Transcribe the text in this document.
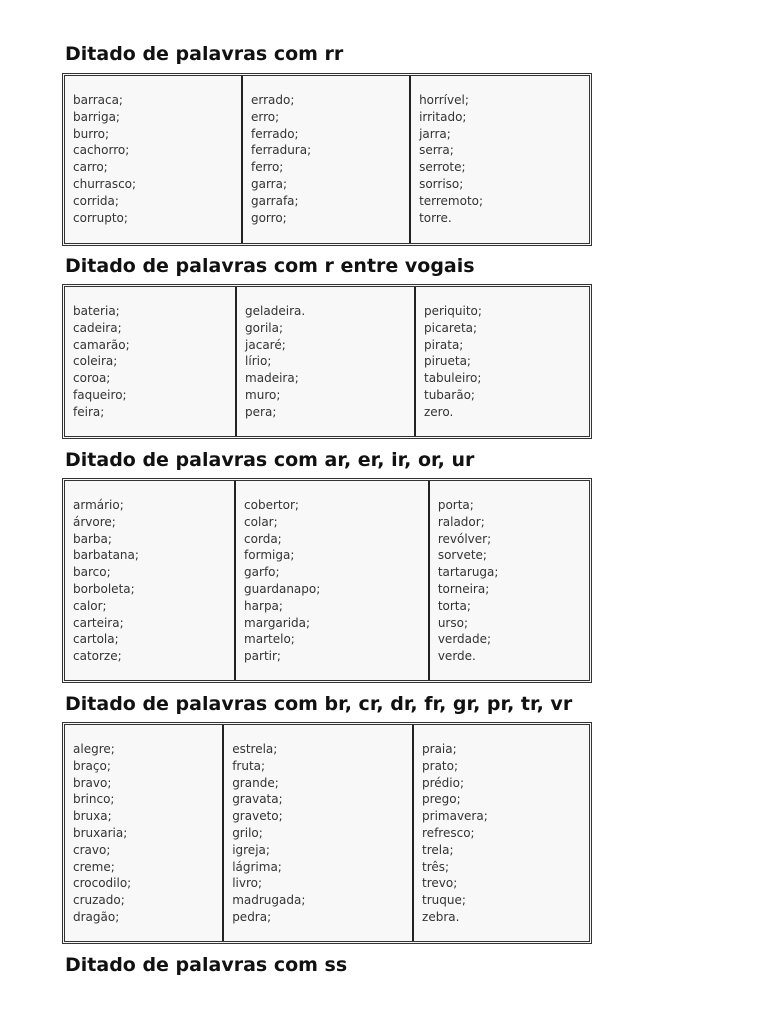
Ditado de palavras com rr
barraca;
barriga;
burro;
cachorro;
carro;
churrasco;
corrida;
corrupto;
errado;
erro;
ferrado;
ferradura;
ferro;
garra;
garrafa;
gorro;
horrível;
irritado;
jarra;
serra;
serrote;
sorriso;
terremoto;
torre.
Ditado de palavras com r entre vogais
bateria;
cadeira;
camarão;
coleira;
coroa;
faqueiro;
feira;
geladeira.
gorila;
jacaré;
lírio;
madeira;
muro;
pera;
periquito;
picareta;
pirata;
pirueta;
tabuleiro;
tubarão;
zero.
Ditado de palavras com ar, er, ir, or, ur
armário;
árvore;
barba;
barbatana;
barco;
borboleta;
calor;
carteira;
cartola;
catorze;
cobertor;
colar;
corda;
formiga;
garfo;
guardanapo;
harpa;
margarida;
martelo;
partir;
porta;
ralador;
revólver;
sorvete;
tartaruga;
torneira;
torta;
urso;
verdade;
verde.
Ditado de palavras com br, cr, dr, fr, gr, pr, tr, vr
alegre;
braço;
bravo;
brinco;
bruxa;
bruxaria;
cravo;
creme;
crocodilo;
cruzado;
dragão;
estrela;
fruta;
grande;
gravata;
graveto;
grilo;
igreja;
lágrima;
livro;
madrugada;
pedra;
praia;
prato;
prédio;
prego;
primavera;
refresco;
trela;
três;
trevo;
truque;
zebra.
Ditado de palavras com ss
